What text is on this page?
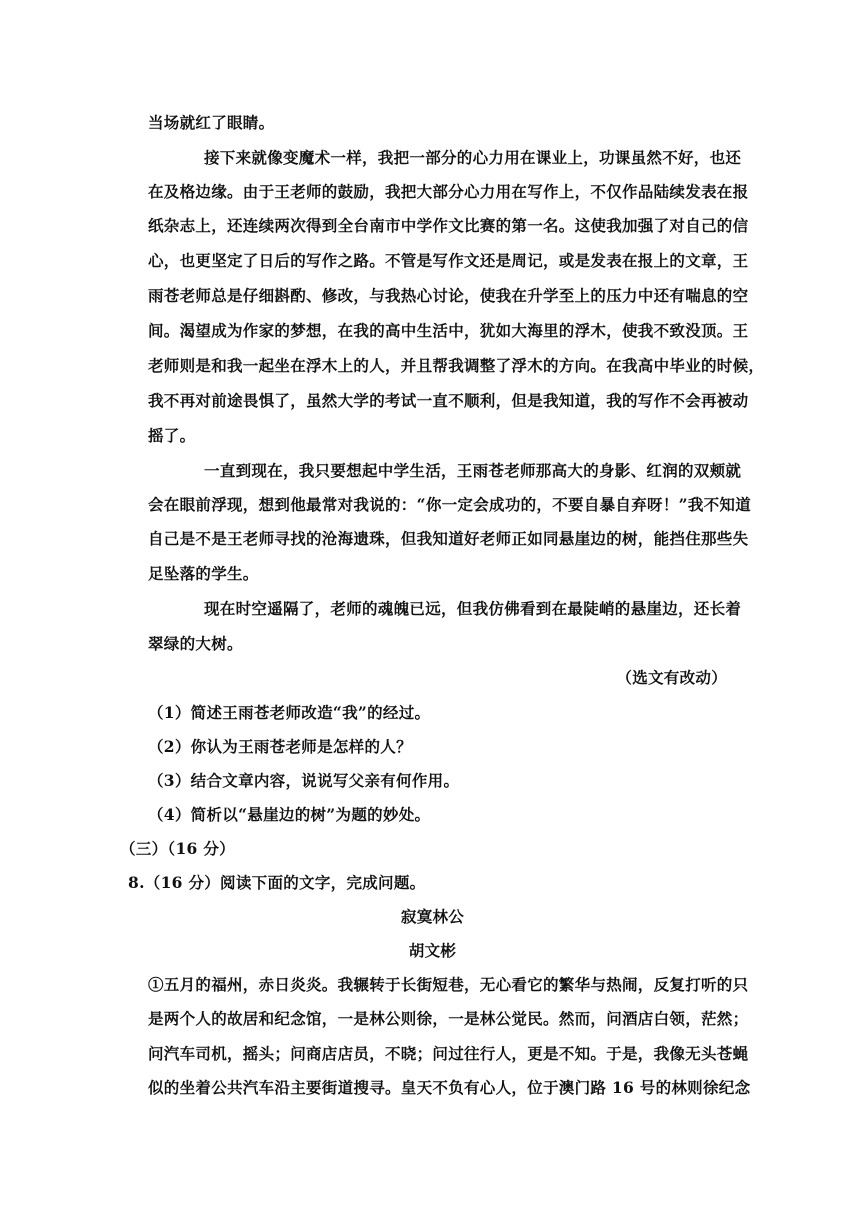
当场就红了眼睛。
接下来就像变魔术一样，我把一部分的心力用在课业上，功课虽然不好，也还
在及格边缘。由于王老师的鼓励，我把大部分心力用在写作上，不仅作品陆续发表在报
纸杂志上，还连续两次得到全台南市中学作文比赛的第一名。这使我加强了对自己的信
心，也更坚定了日后的写作之路。不管是写作文还是周记，或是发表在报上的文章，王
雨苍老师总是仔细斟酌、修改，与我热心讨论，使我在升学至上的压力中还有喘息的空
间。渴望成为作家的梦想，在我的高中生活中，犹如大海里的浮木，使我不致没顶。王
老师则是和我一起坐在浮木上的人，并且帮我调整了浮木的方向。在我高中毕业的时候，
我不再对前途畏惧了，虽然大学的考试一直不顺利，但是我知道，我的写作不会再被动
摇了。
一直到现在，我只要想起中学生活，王雨苍老师那高大的身影、红润的双颊就
会在眼前浮现，想到他最常对我说的：“你一定会成功的，不要自暴自弃呀！”我不知道
自己是不是王老师寻找的沧海遗珠，但我知道好老师正如同悬崖边的树，能挡住那些失
足坠落的学生。
现在时空遥隔了，老师的魂魄已远，但我仿佛看到在最陡峭的悬崖边，还长着
翠绿的大树。
（选文有改动）
（1）简述王雨苍老师改造“我”的经过。
（2）你认为王雨苍老师是怎样的人？
（3）结合文章内容，说说写父亲有何作用。
（4）简析以“悬崖边的树”为题的妙处。
（三）（16 分）
8.（16 分）阅读下面的文字，完成问题。
寂寞林公
胡文彬
①五月的福州，赤日炎炎。我辗转于长街短巷，无心看它的繁华与热闹，反复打听的只
是两个人的故居和纪念馆，一是林公则徐，一是林公觉民。然而，问酒店白领，茫然；
问汽车司机，摇头；问商店店员，不晓；问过往行人，更是不知。于是，我像无头苍蝇
似的坐着公共汽车沿主要街道搜寻。皇天不负有心人，位于澳门路 16 号的林则徐纪念
